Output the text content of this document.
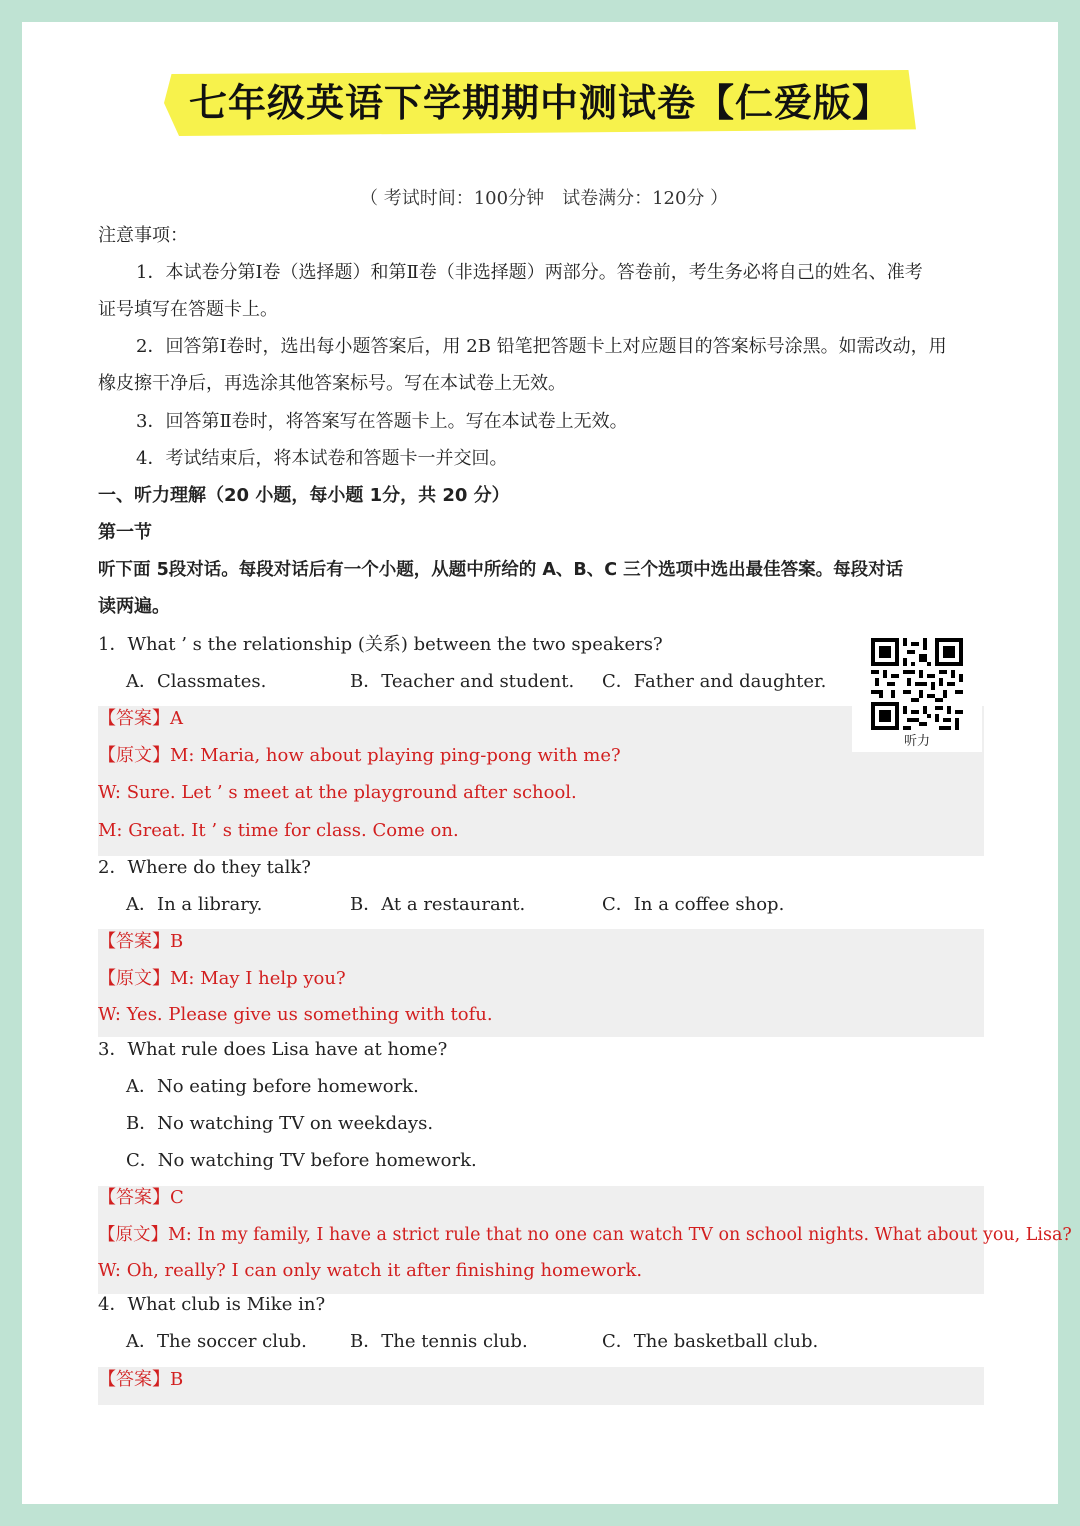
七年级英语下学期期中测试卷【仁爱版】
（ 考试时间：100分钟　试卷满分：120分 ）
注意事项：
1．本试卷分第Ⅰ卷（选择题）和第Ⅱ卷（非选择题）两部分。答卷前，考生务必将自己的姓名、准考
证号填写在答题卡上。
2．回答第Ⅰ卷时，选出每小题答案后，用 2B 铅笔把答题卡上对应题目的答案标号涂黑。如需改动，用
橡皮擦干净后，再选涂其他答案标号。写在本试卷上无效。
3．回答第Ⅱ卷时，将答案写在答题卡上。写在本试卷上无效。
4．考试结束后，将本试卷和答题卡一并交回。
一、听力理解（20 小题，每小题 1分，共 20 分）
第一节
听下面 5段对话。每段对话后有一个小题，从题中所给的 A、B、C 三个选项中选出最佳答案。每段对话
读两遍。
听力
1．What ’ s the relationship (关系) between the two speakers?
A．Classmates.	B．Teacher and student. C．Father and daughter.
【答案】A
【原文】M: Maria, how about playing ping-pong with me?
W: Sure. Let ’ s meet at the playground after school.
M: Great. It ’ s time for class. Come on.
2．Where do they talk?
A．In a library.	B．At a restaurant.	C．In a coffee shop.
【答案】B
【原文】M: May I help you?
W: Yes. Please give us something with tofu.
3．What rule does Lisa have at home?
A．No eating before homework.
B．No watching TV on weekdays.
C．No watching TV before homework.
【答案】C
【原文】M: In my family, I have a strict rule that no one can watch TV on school nights. What about you, Lisa?
W: Oh, really? I can only watch it after finishing homework.
4．What club is Mike in?
A．The soccer club. B．The tennis club.	C．The basketball club.
【答案】B
